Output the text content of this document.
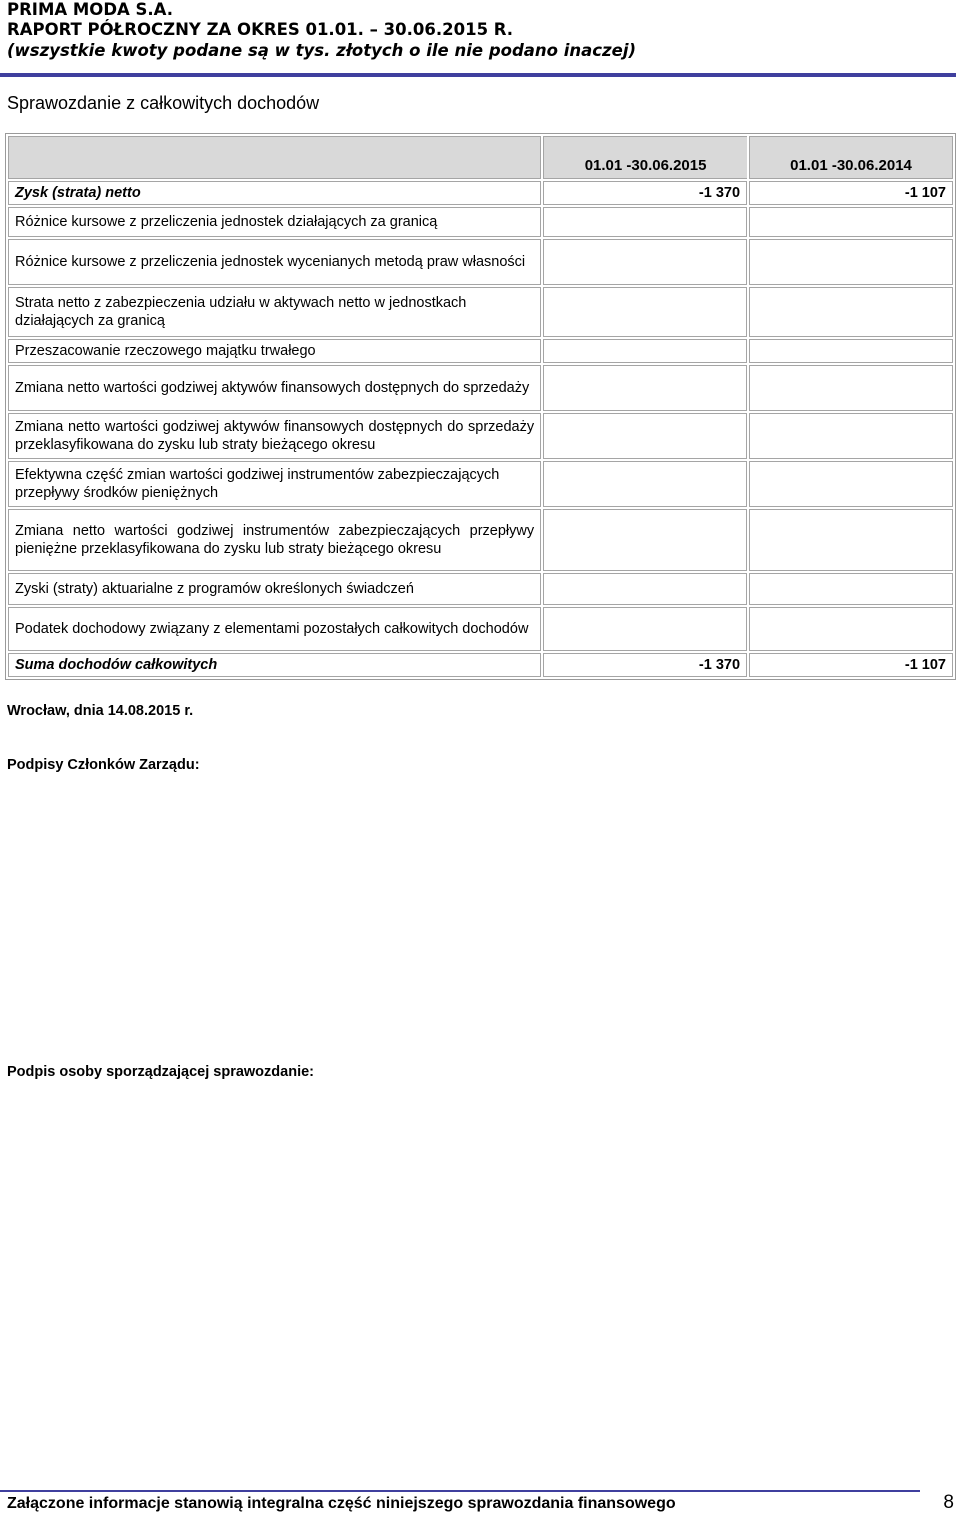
PRIMA MODA S.A.
RAPORT PÓŁROCZNY ZA OKRES 01.01. – 30.06.2015 R.
(wszystkie kwoty podane są w tys. złotych o ile nie podano inaczej)
Sprawozdanie z całkowitych dochodów
	01.01 -30.06.2015	01.01 -30.06.2014
Zysk (strata) netto	-1 370	-1 107
Różnice kursowe z przeliczenia jednostek działających za granicą		
Różnice kursowe z przeliczenia jednostek wycenianych metodą praw własności		
Strata netto z zabezpieczenia udziału w aktywach netto w jednostkach działających za granicą		
Przeszacowanie rzeczowego majątku trwałego		
Zmiana netto wartości godziwej aktywów finansowych dostępnych do sprzedaży		
Zmiana netto wartości godziwej aktywów finansowych dostępnych do sprzedaży przeklasyfikowana do zysku lub straty bieżącego okresu		
Efektywna część zmian wartości godziwej instrumentów zabezpieczających przepływy środków pieniężnych		
Zmiana netto wartości godziwej instrumentów zabezpieczających przepływy pieniężne przeklasyfikowana do zysku lub straty bieżącego okresu		
Zyski (straty) aktuarialne z programów określonych świadczeń		
Podatek dochodowy związany z elementami pozostałych całkowitych dochodów		
Suma dochodów całkowitych	-1 370	-1 107
Wrocław, dnia 14.08.2015 r.
Podpisy Członków Zarządu:
Podpis osoby sporządzającej sprawozdanie:
Załączone informacje stanowią integralna część niniejszego sprawozdania finansowego	8
